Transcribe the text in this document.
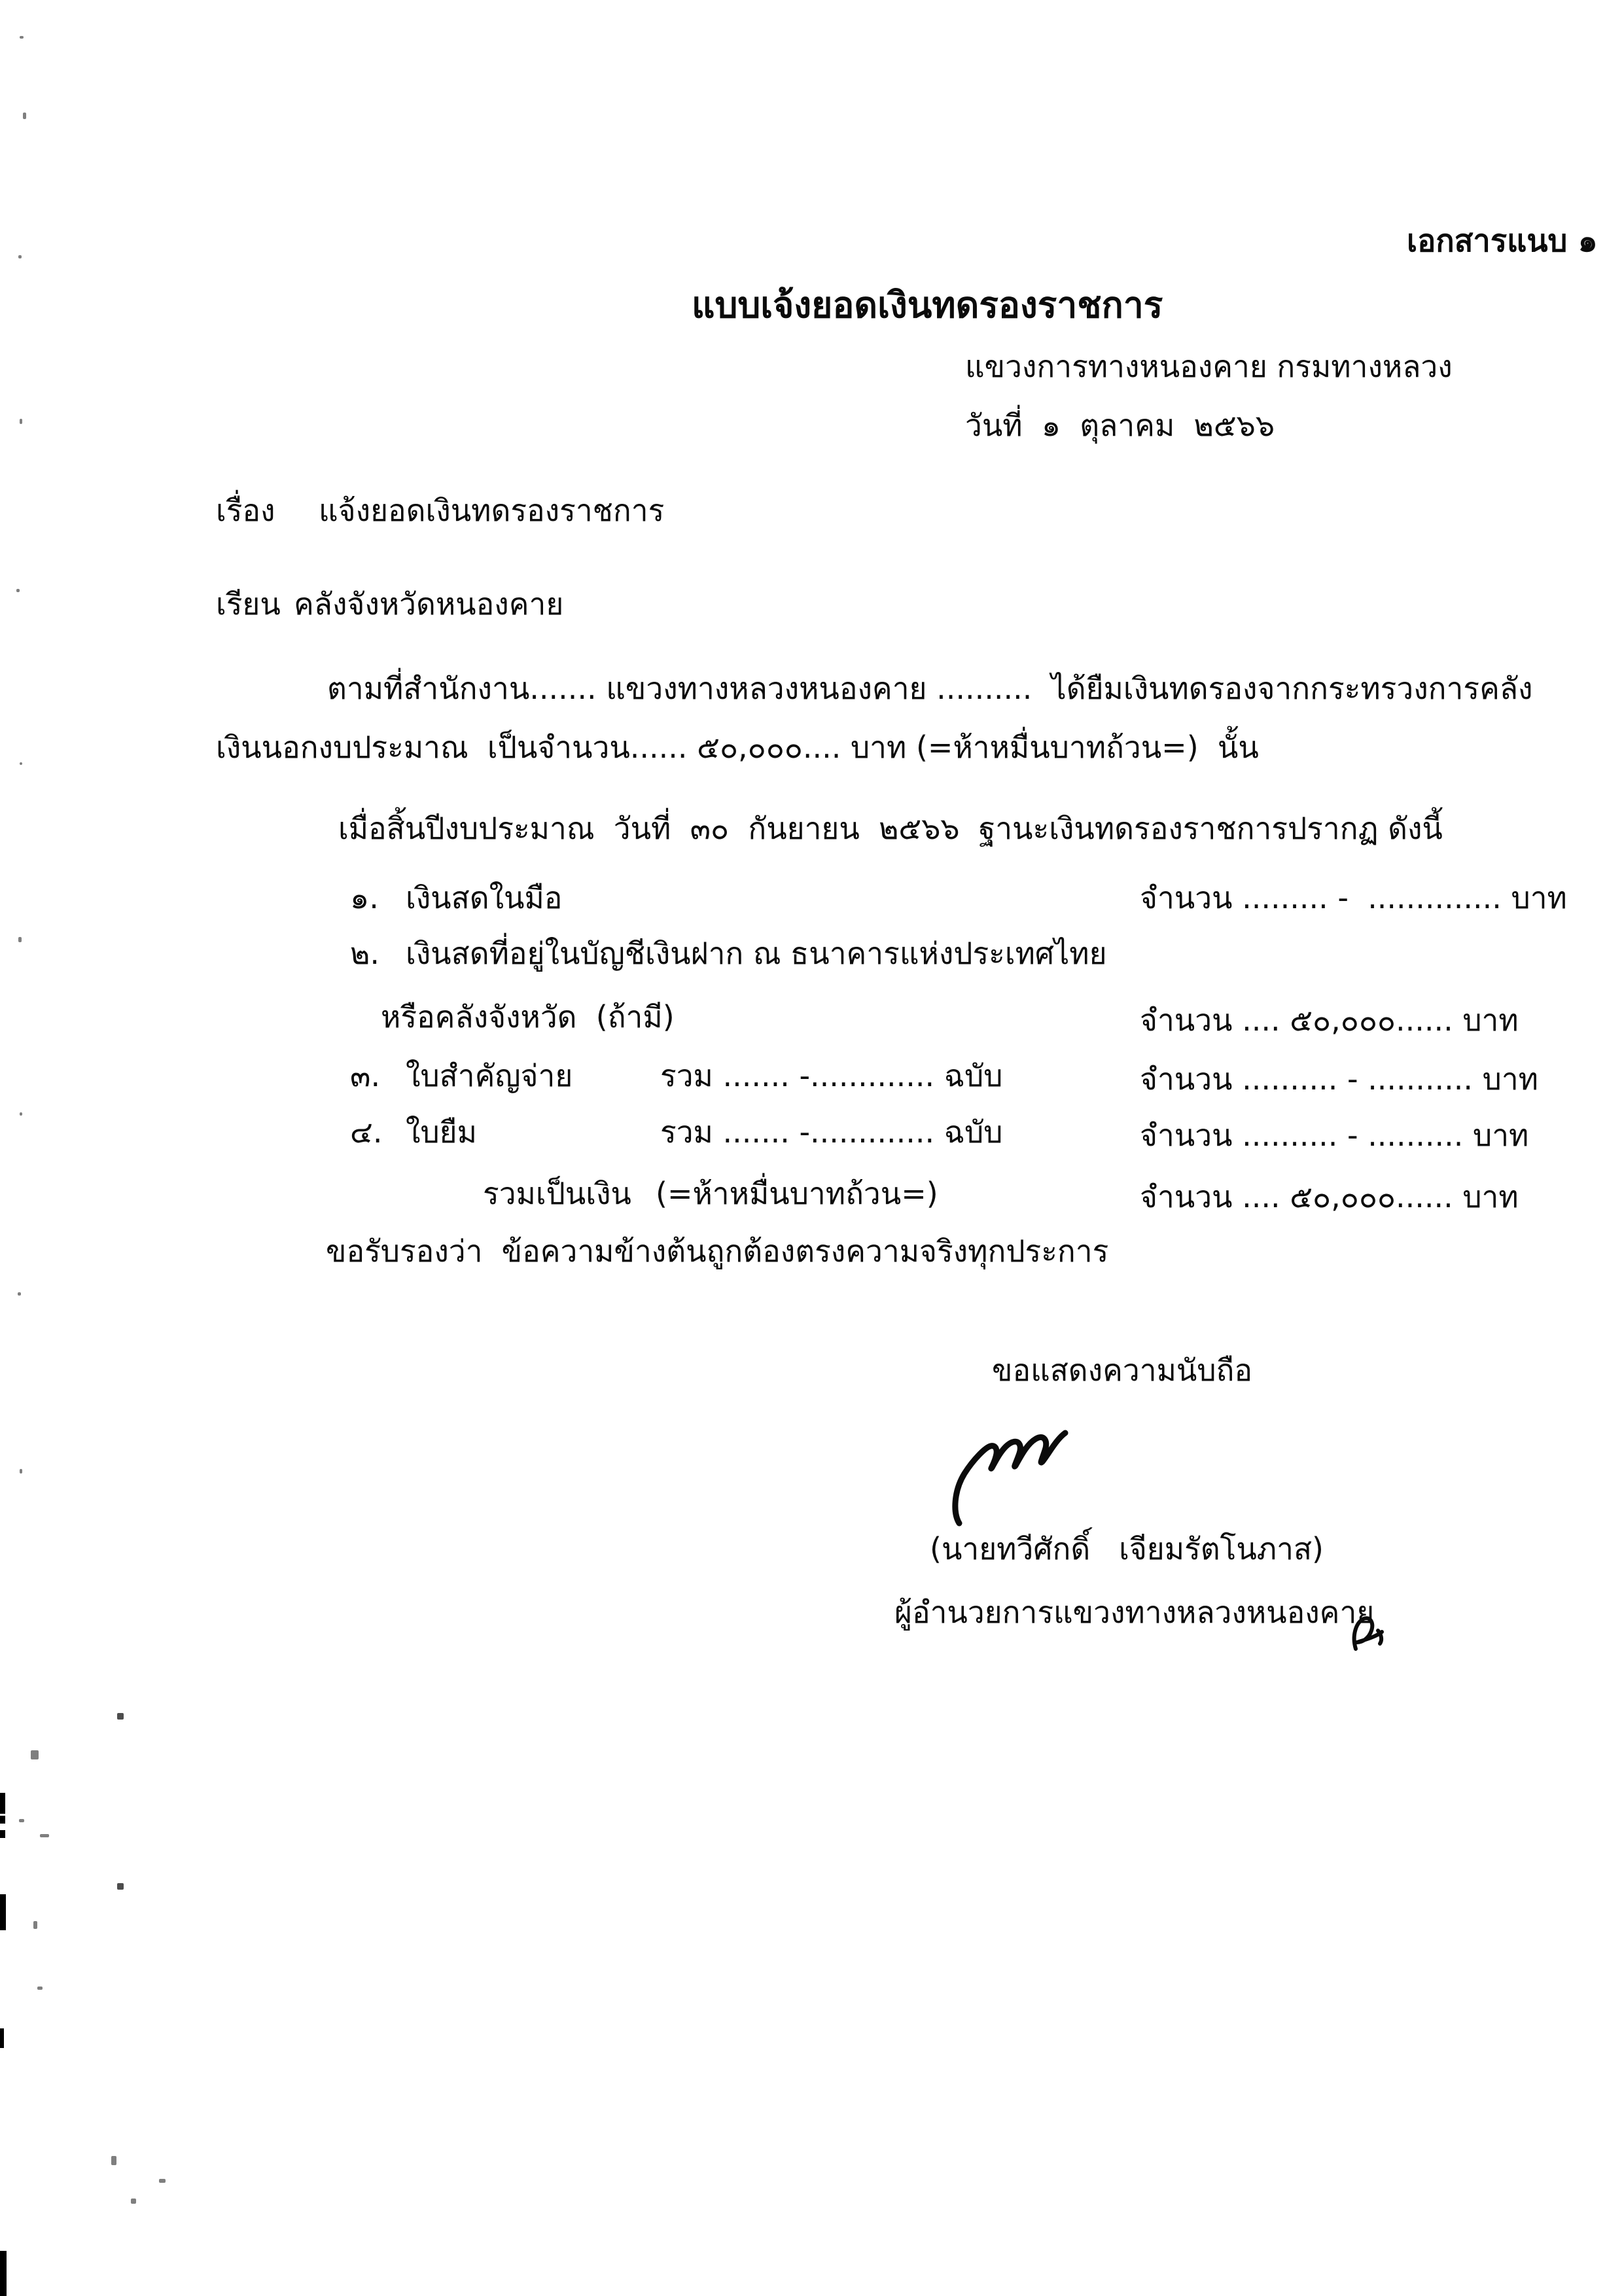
เอกสารแนบ ๑
แบบเจ้งยอดเงินทดรองราชการ
แขวงการทางหนองคาย กรมทางหลวง
วันที่  ๑  ตุลาคม  ๒๕๖๖
เรื่อง แจ้งยอดเงินทดรองราชการ
เรียน คลังจังหวัดหนองคาย
ตามที่สำนักงาน....... แขวงทางหลวงหนองคาย ..........  ได้ยืมเงินทดรองจากกระทรวงการคลัง
เงินนอกงบประมาณ  เป็นจำนวน...... ๕๐,๐๐๐.... บาท (=ห้าหมื่นบาทถ้วน=)  นั้น
เมื่อสิ้นปีงบประมาณ  วันที่  ๓๐  กันยายน  ๒๕๖๖  ฐานะเงินทดรองราชการปรากฏ ดังนี้
๑. เงินสดในมือ	จำนวน ......... -  .............. บาท
๒. เงินสดที่อยู่ในบัญชีเงินฝาก ณ ธนาคารแห่งประเทศไทย
หรือคลังจังหวัด  (ถ้ามี)	จำนวน .... ๕๐,๐๐๐...... บาท
๓. ใบสำคัญจ่าย	รวม ....... -............. ฉบับ	จำนวน .......... - ........... บาท
๔. ใบยืม	รวม ....... -............. ฉบับ	จำนวน .......... - .......... บาท
รวมเป็นเงิน (=ห้าหมื่นบาทถ้วน=)	จำนวน .... ๕๐,๐๐๐...... บาท
ขอรับรองว่า  ข้อความข้างต้นถูกต้องตรงความจริงทุกประการ
ขอแสดงความนับถือ
(นายทวีศักดิ์   เจียมรัตโนภาส)
ผู้อำนวยการแขวงทางหลวงหนองคาย
